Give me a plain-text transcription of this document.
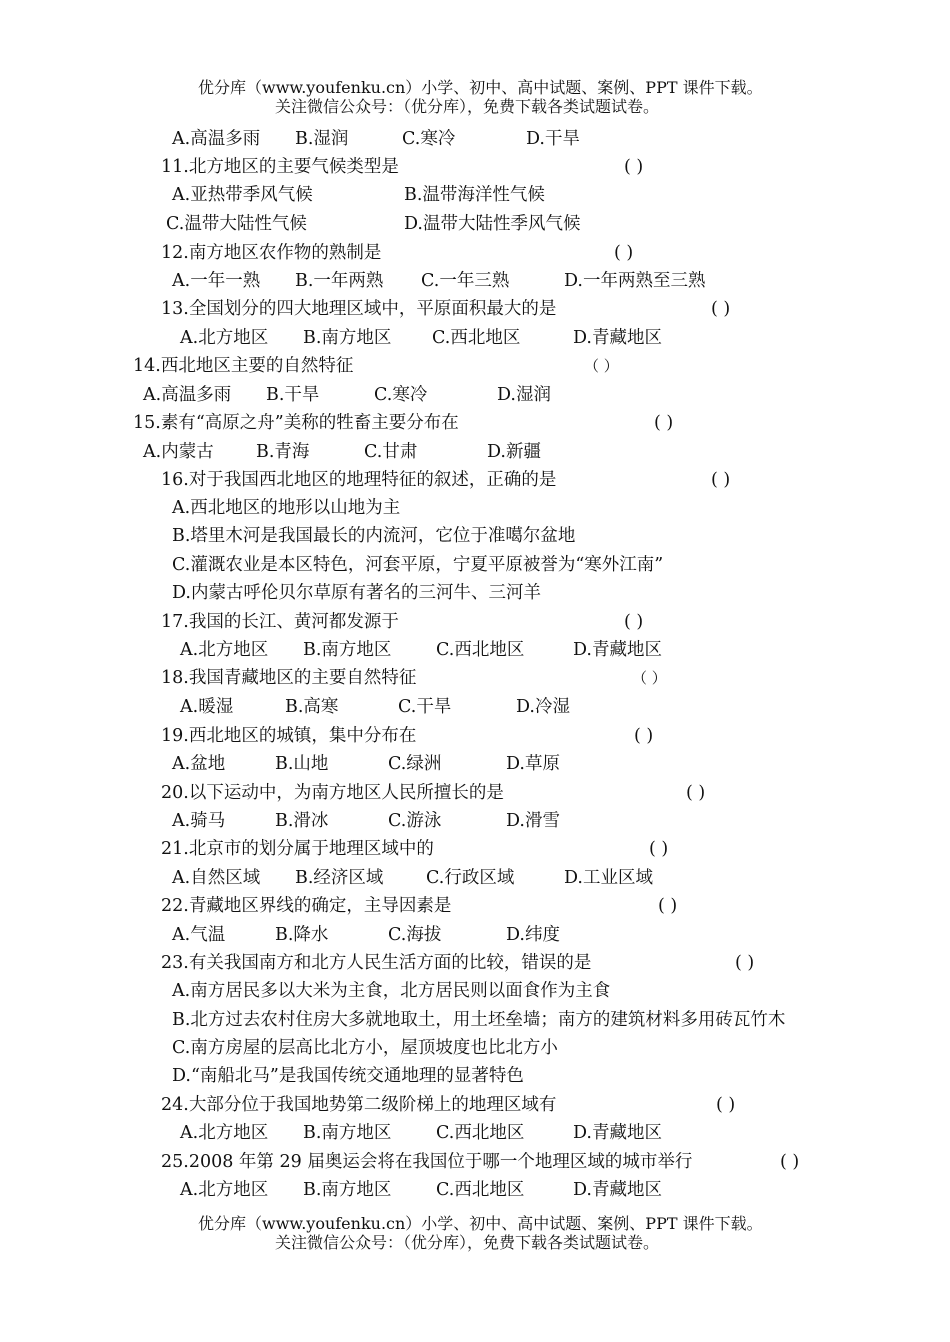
优分库（www.youfenku.cn）小学、初中、高中试题、案例、PPT 课件下载。
关注微信公众号：（优分库），免费下载各类试题试卷。
A.高温多雨 B.湿润	C.寒冷	D.干旱
11.北方地区的主要气候类型是	( )
A.亚热带季风气候	B.温带海洋性气候
C.温带大陆性气候	D.温带大陆性季风气候
12.南方地区农作物的熟制是	( )
A.一年一熟 B.一年两熟 C.一年三熟	D.一年两熟至三熟
13.全国划分的四大地理区域中，平原面积最大的是	( )
A.北方地区 B.南方地区 C.西北地区	D.青藏地区
14.西北地区主要的自然特征	（ ）
A.高温多雨 B.干旱	C.寒冷	D.湿润
15.素有“高原之舟”美称的牲畜主要分布在	( )
A.内蒙古 B.青海	C.甘肃	D.新疆
16.对于我国西北地区的地理特征的叙述，正确的是	( )
A.西北地区的地形以山地为主
B.塔里木河是我国最长的内流河，它位于准噶尔盆地
C.灌溉农业是本区特色，河套平原，宁夏平原被誉为“寒外江南”
D.内蒙古呼伦贝尔草原有著名的三河牛、三河羊
17.我国的长江、黄河都发源于	( )
A.北方地区 B.南方地区	C.西北地区	D.青藏地区
18.我国青藏地区的主要自然特征	（ ）
A.暖湿	B.高寒	C.干旱	D.冷湿
19.西北地区的城镇，集中分布在	( )
A.盆地	B.山地	C.绿洲	D.草原
20.以下运动中，为南方地区人民所擅长的是	( )
A.骑马	B.滑冰	C.游泳	D.滑雪
21.北京市的划分属于地理区域中的	( )
A.自然区域 B.经济区域 C.行政区域	D.工业区域
22.青藏地区界线的确定，主导因素是	( )
A.气温	B.降水	C.海拔	D.纬度
23.有关我国南方和北方人民生活方面的比较，错误的是	( )
A.南方居民多以大米为主食，北方居民则以面食作为主食
B.北方过去农村住房大多就地取土，用土坯垒墙；南方的建筑材料多用砖瓦竹木
C.南方房屋的层高比北方小，屋顶坡度也比北方小
D.“南船北马”是我国传统交通地理的显著特色
24.大部分位于我国地势第二级阶梯上的地理区域有	( )
A.北方地区 B.南方地区	C.西北地区	D.青藏地区
25.2008 年第 29 届奥运会将在我国位于哪一个地理区域的城市举行	( )
A.北方地区 B.南方地区	C.西北地区	D.青藏地区
优分库（www.youfenku.cn）小学、初中、高中试题、案例、PPT 课件下载。
关注微信公众号：（优分库），免费下载各类试题试卷。
